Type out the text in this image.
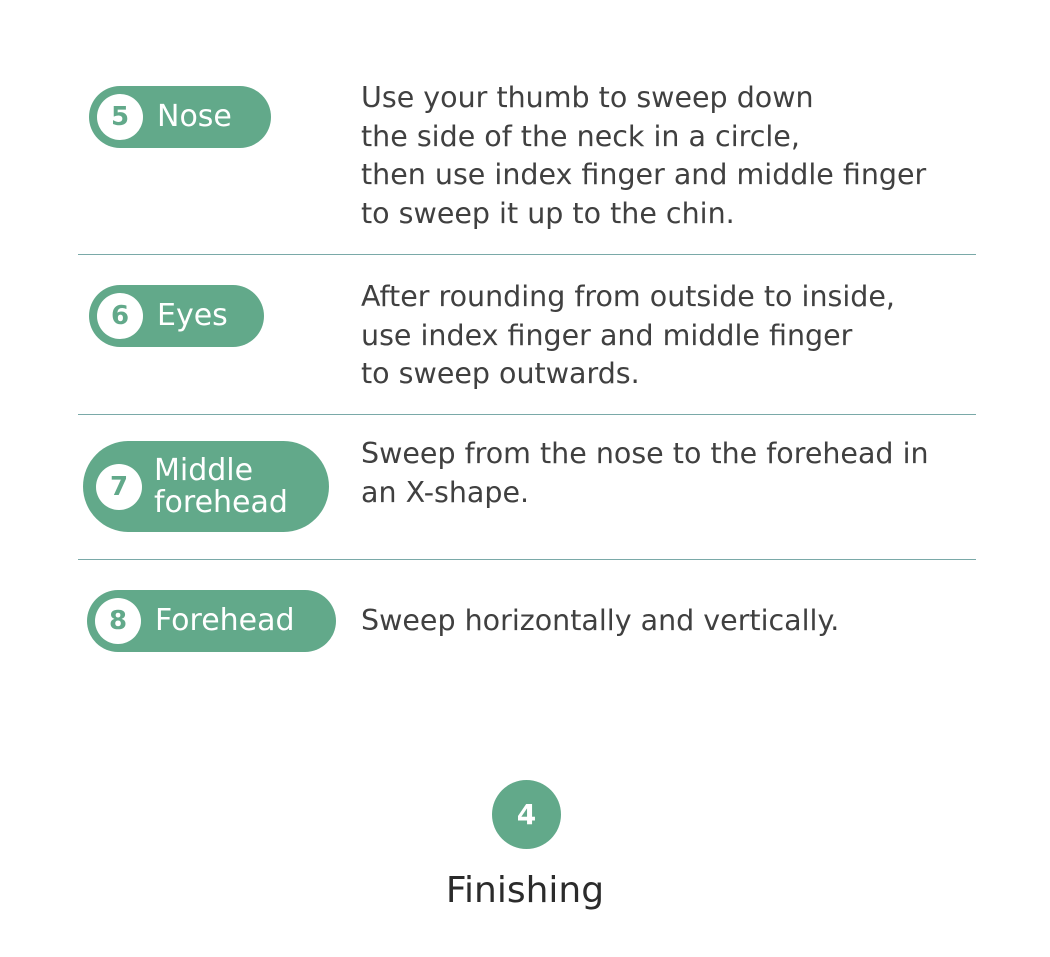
5 Nose
Use your thumb to sweep down
the side of the neck in a circle,
then use index finger and middle finger
to sweep it up to the chin.
6 Eyes
After rounding from outside to inside,
use index finger and middle finger
to sweep outwards.
7 Middle
forehead
Sweep from the nose to the forehead in
an X-shape.
8 Forehead Sweep horizontally and vertically.
4
Finishing
